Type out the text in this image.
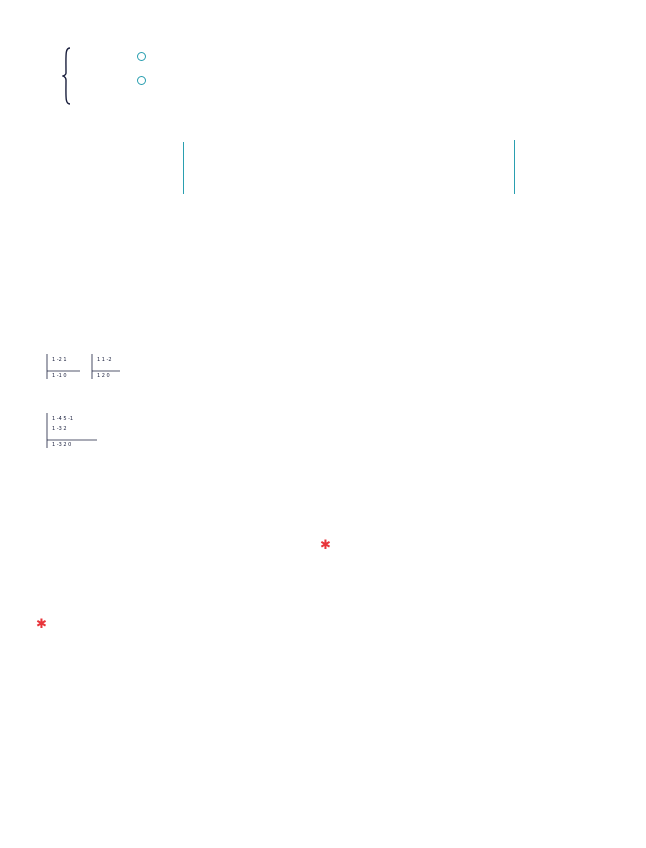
1 -2 1
1 -1 0
1 1 -2
1 2 0
1 -4 5 -1
1 -3 2
1 -3 2 0
✱
✱
